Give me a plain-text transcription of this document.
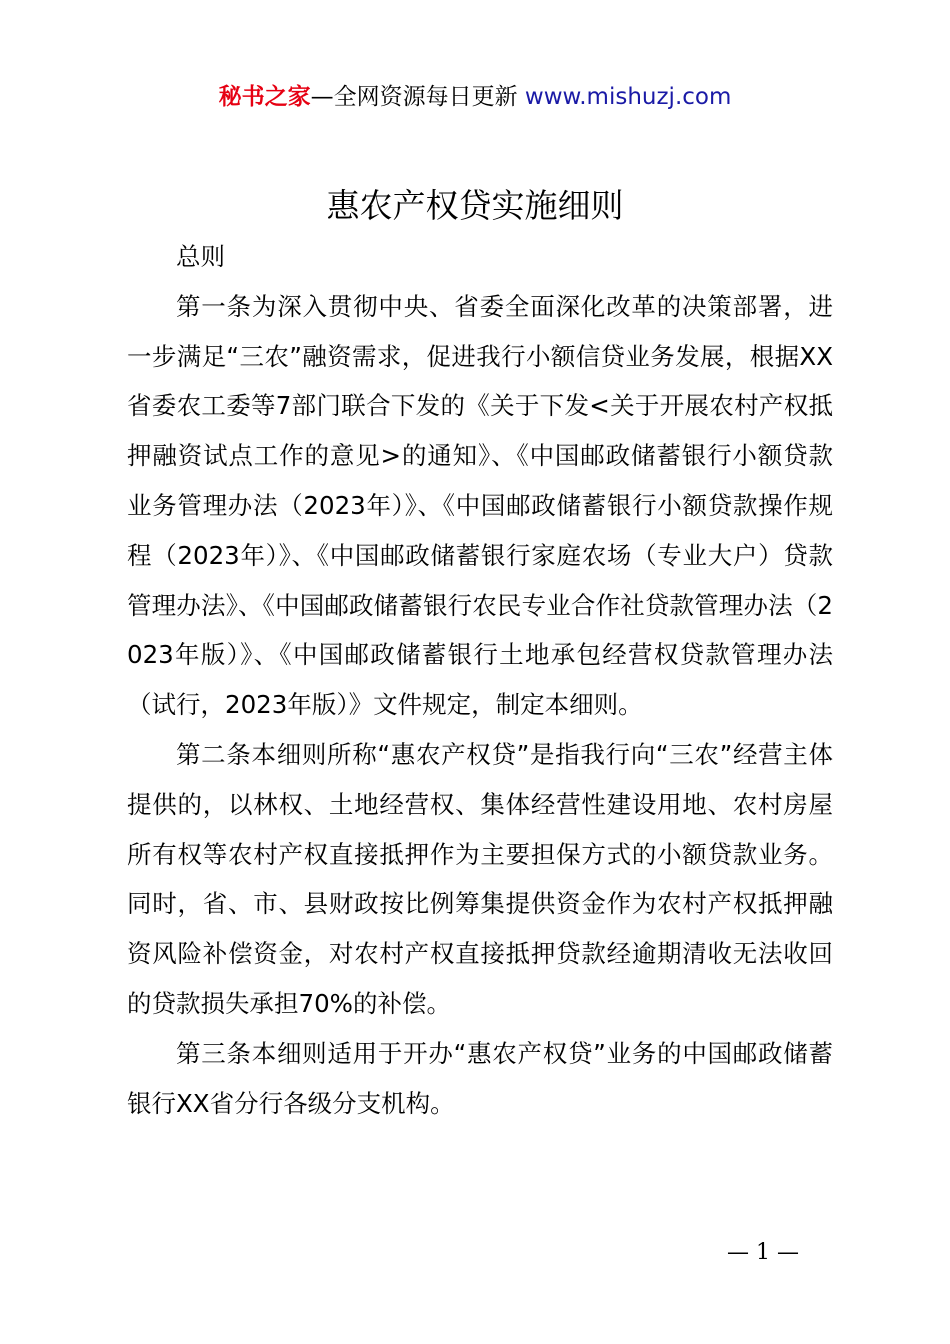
秘书之家—全网资源每日更新 www.mishuzj.com
惠农产权贷实施细则

总则

第一条为深入贯彻中央、省委全面深化改革的决策部署，进一步满足“三农”融资需求，促进我行小额信贷业务发展，根据XX省委农工委等7部门联合下发的《关于下发<关于开展农村产权抵押融资试点工作的意见>的通知》、《中国邮政储蓄银行小额贷款业务管理办法（2023年）》、《中国邮政储蓄银行小额贷款操作规程（2023年）》、《中国邮政储蓄银行家庭农场（专业大户）贷款管理办法》、《中国邮政储蓄银行农民专业合作社贷款管理办法（2023年版）》、《中国邮政储蓄银行土地承包经营权贷款管理办法（试行，2023年版）》文件规定，制定本细则。

第二条本细则所称“惠农产权贷”是指我行向“三农”经营主体提供的，以林权、土地经营权、集体经营性建设用地、农村房屋所有权等农村产权直接抵押作为主要担保方式的小额贷款业务。同时，省、市、县财政按比例筹集提供资金作为农村产权抵押融资风险补偿资金，对农村产权直接抵押贷款经逾期清收无法收回的贷款损失承担70%的补偿。

第三条本细则适用于开办“惠农产权贷”业务的中国邮政储蓄银行XX省分行各级分支机构。

— 1 —
